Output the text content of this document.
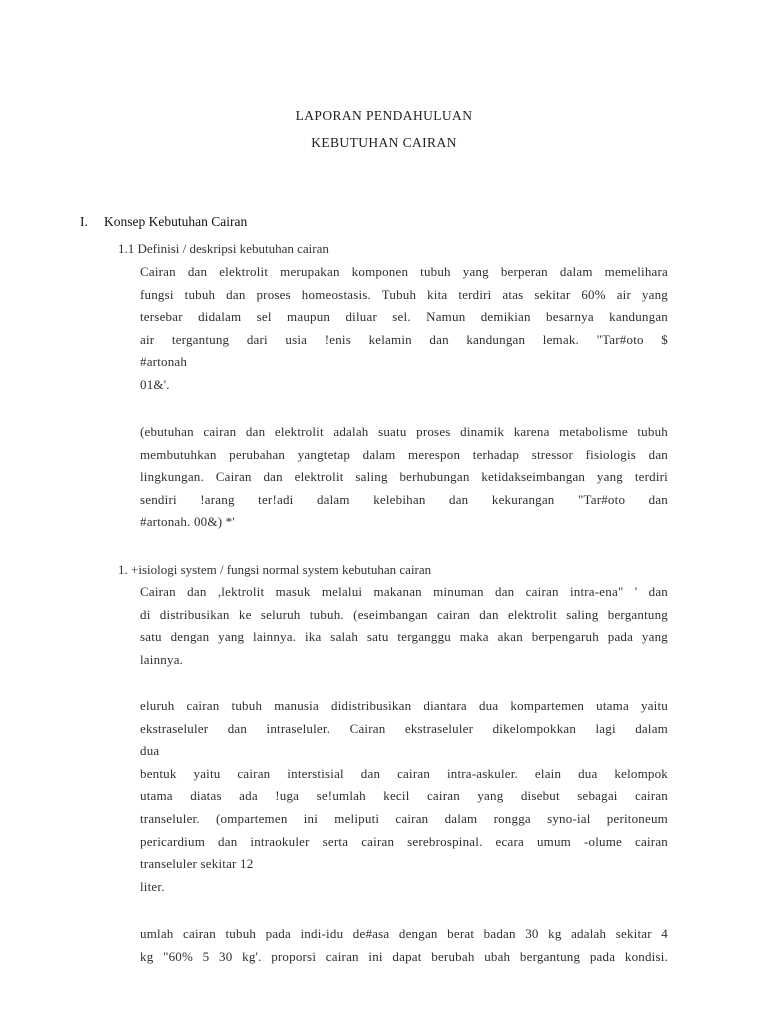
LAPORAN PENDAHULUAN
KEBUTUHAN CAIRAN
I. Konsep Kebutuhan Cairan
1.1 Definisi / deskripsi kebutuhan cairan
Cairan dan elektrolit merupakan komponen tubuh yang berperan dalam memelihara
fungsi tubuh dan proses homeostasis. Tubuh kita terdiri atas sekitar 60% air yang
tersebar didalam sel maupun diluar sel. Namun demikian besarnya kandungan
air tergantung dari usia !enis kelamin dan kandungan lemak. "Tar#oto $
#artonah
01&'.
(ebutuhan cairan dan elektrolit adalah suatu proses dinamik karena metabolisme tubuh
membutuhkan perubahan yangtetap dalam merespon terhadap stressor fisiologis dan
lingkungan. Cairan dan elektrolit saling berhubungan ketidakseimbangan yang terdiri
sendiri !arang ter!adi dalam kelebihan dan kekurangan "Tar#oto dan
#artonah. 00&) *'
1. +isiologi system / fungsi normal system kebutuhan cairan
Cairan dan ,lektrolit masuk melalui makanan minuman dan cairan intra-ena" ' dan
di distribusikan ke seluruh tubuh. (eseimbangan cairan dan elektrolit saling bergantung
satu dengan yang lainnya. ika salah satu terganggu maka akan berpengaruh pada yang
lainnya.
eluruh cairan tubuh manusia didistribusikan diantara dua kompartemen utama yaitu
ekstraseluler dan intraseluler. Cairan ekstraseluler dikelompokkan lagi dalam
dua
bentuk yaitu cairan interstisial dan cairan intra-askuler. elain dua kelompok
utama diatas ada !uga se!umlah kecil cairan yang disebut sebagai cairan
transeluler. (ompartemen ini meliputi cairan dalam rongga syno-ial peritoneum
pericardium dan intraokuler serta cairan serebrospinal. ecara umum -olume cairan
transeluler sekitar 12
liter.
umlah cairan tubuh pada indi-idu de#asa dengan berat badan 30 kg adalah sekitar 4
kg "60% 5 30 kg'. proporsi cairan ini dapat berubah ubah bergantung pada kondisi.
